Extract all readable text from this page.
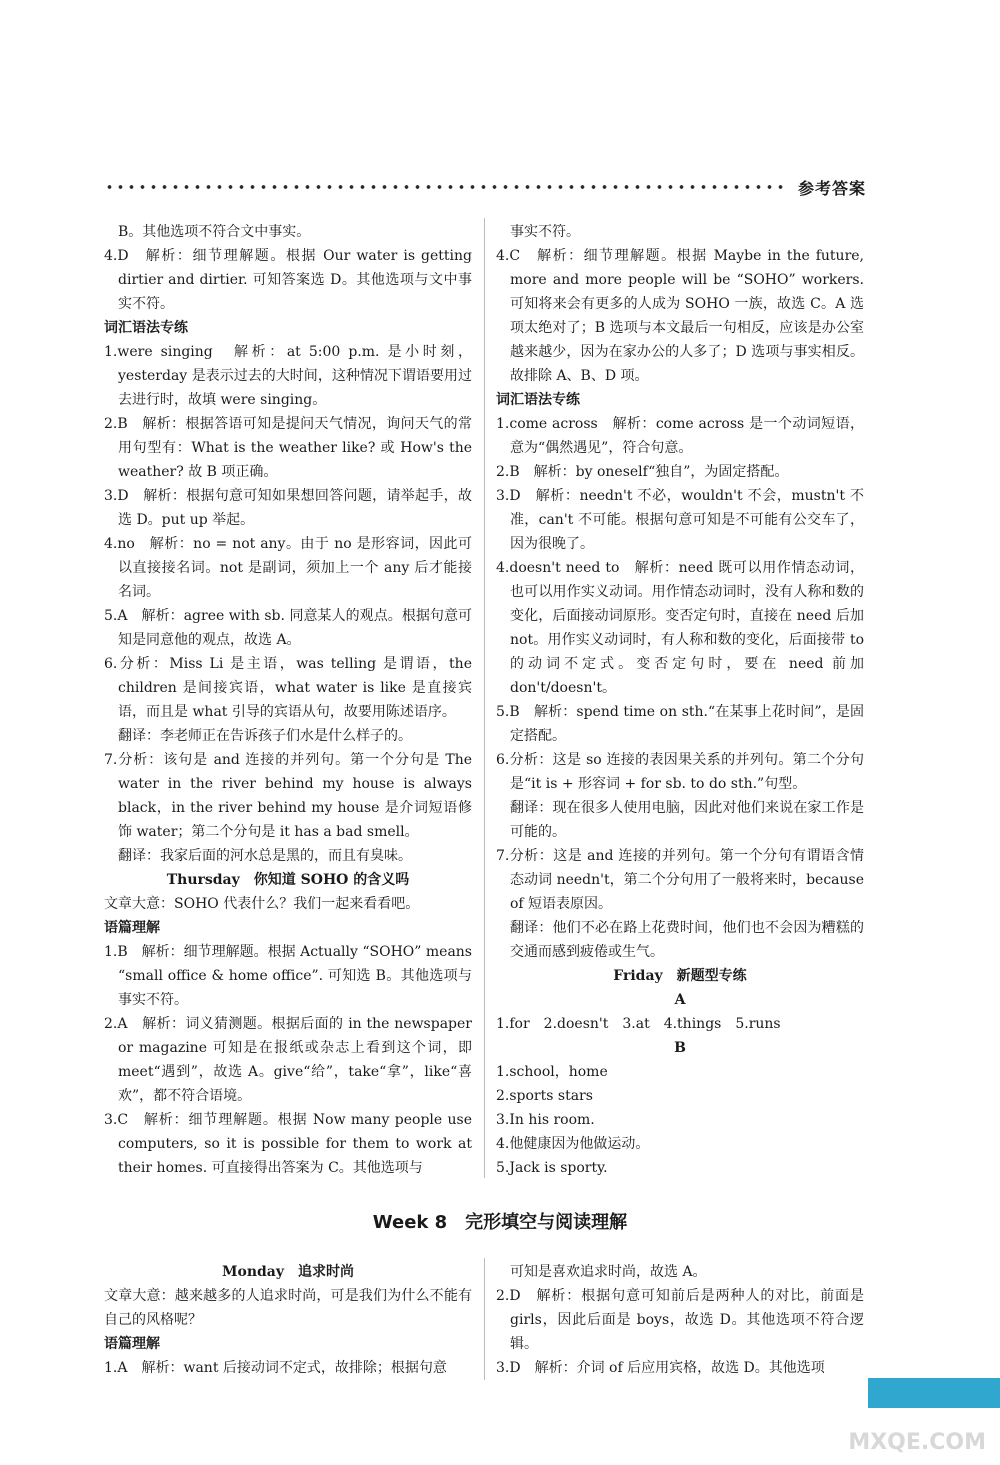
参考答案

B。其他选项不符合文中事实。

4.D　解析：细节理解题。根据 Our water is getting dirtier and dirtier. 可知答案选 D。其他选项与文中事实不符。

词汇语法专练

1.were singing　解析：at 5:00 p.m. 是小时刻，yesterday 是表示过去的大时间，这种情况下谓语要用过去进行时，故填 were singing。

2.B　解析：根据答语可知是提问天气情况，询问天气的常用句型有：What is the weather like? 或 How's the weather? 故 B 项正确。

3.D　解析：根据句意可知如果想回答问题，请举起手，故选 D。put up 举起。

4.no　解析：no = not any。由于 no 是形容词，因此可以直接接名词。not 是副词，须加上一个 any 后才能接名词。

5.A　解析：agree with sb. 同意某人的观点。根据句意可知是同意他的观点，故选 A。

6.分析：Miss Li 是主语，was telling 是谓语，the children 是间接宾语，what water is like 是直接宾语，而且是 what 引导的宾语从句，故要用陈述语序。

翻译：李老师正在告诉孩子们水是什么样子的。

7.分析：该句是 and 连接的并列句。第一个分句是 The water in the river behind my house is always black，in the river behind my house 是介词短语修饰 water；第二个分句是 it has a bad smell。

翻译：我家后面的河水总是黑的，而且有臭味。

Thursday　你知道 SOHO 的含义吗

文章大意：SOHO 代表什么？我们一起来看看吧。

语篇理解

1.B　解析：细节理解题。根据 Actually “SOHO” means “small office & home office”. 可知选 B。其他选项与事实不符。

2.A　解析：词义猜测题。根据后面的 in the newspaper or magazine 可知是在报纸或杂志上看到这个词，即 meet“遇到”，故选 A。give“给”，take“拿”，like“喜欢”，都不符合语境。

3.C　解析：细节理解题。根据 Now many people use computers, so it is possible for them to work at their homes. 可直接得出答案为 C。其他选项与

事实不符。

4.C　解析：细节理解题。根据 Maybe in the future, more and more people will be “SOHO” workers. 可知将来会有更多的人成为 SOHO 一族，故选 C。A 选项太绝对了；B 选项与本文最后一句相反，应该是办公室越来越少，因为在家办公的人多了；D 选项与事实相反。故排除 A、B、D 项。

词汇语法专练

1.come across　解析：come across 是一个动词短语，意为“偶然遇见”，符合句意。

2.B　解析：by oneself“独自”，为固定搭配。

3.D　解析：needn't 不必，wouldn't 不会，mustn't 不准，can't 不可能。根据句意可知是不可能有公交车了，因为很晚了。

4.doesn't need to　解析：need 既可以用作情态动词，也可以用作实义动词。用作情态动词时，没有人称和数的变化，后面接动词原形。变否定句时，直接在 need 后加 not。用作实义动词时，有人称和数的变化，后面接带 to 的动词不定式。变否定句时，要在 need 前加 don't/doesn't。

5.B　解析：spend time on sth.“在某事上花时间”，是固定搭配。

6.分析：这是 so 连接的表因果关系的并列句。第二个分句是“it is + 形容词 + for sb. to do sth.”句型。

翻译：现在很多人使用电脑，因此对他们来说在家工作是可能的。

7.分析：这是 and 连接的并列句。第一个分句有谓语含情态动词 needn't，第二个分句用了一般将来时，because of 短语表原因。

翻译：他们不必在路上花费时间，他们也不会因为糟糕的交通而感到疲倦或生气。

Friday　新题型专练

A

1.for　2.doesn't　3.at　4.things　5.runs

B

1.school，home

2.sports stars

3.In his room.

4.他健康因为他做运动。

5.Jack is sporty.

Week 8　完形填空与阅读理解

Monday　追求时尚

文章大意：越来越多的人追求时尚，可是我们为什么不能有自己的风格呢？

语篇理解

1.A　解析：want 后接动词不定式，故排除；根据句意

可知是喜欢追求时尚，故选 A。

2.D　解析：根据句意可知前后是两种人的对比，前面是 girls，因此后面是 boys，故选 D。其他选项不符合逻辑。

3.D　解析：介词 of 后应用宾格，故选 D。其他选项

MXQE.COM
